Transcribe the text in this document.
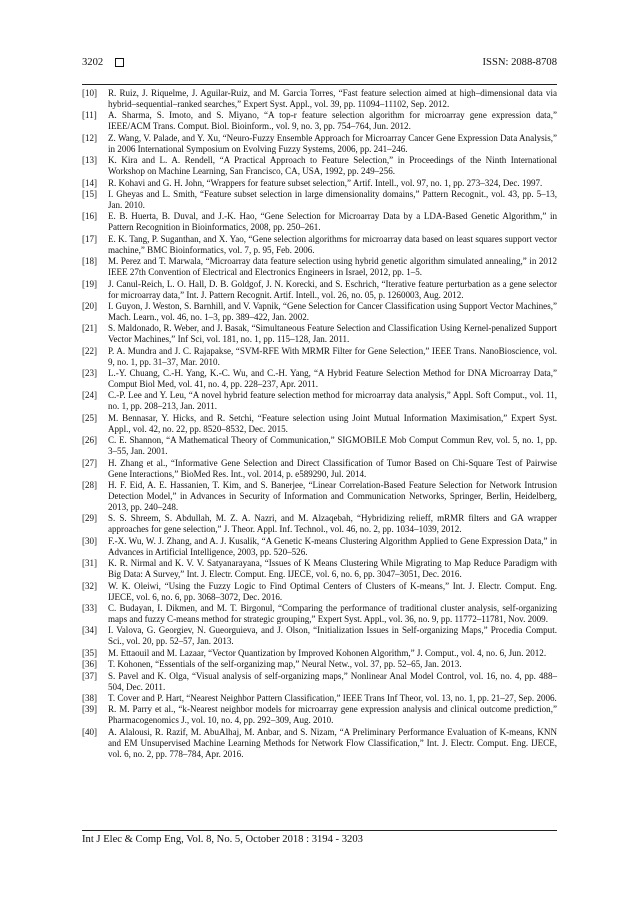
3202	ISSN: 2088-8708
[10]	R. Ruiz, J. Riquelme, J. Aguilar-Ruiz, and M. Garcia Torres, “Fast feature selection aimed at high–dimensional data via hybrid–sequential–ranked searches,” Expert Syst. Appl., vol. 39, pp. 11094–11102, Sep. 2012.
[11]	A. Sharma, S. Imoto, and S. Miyano, “A top-r feature selection algorithm for microarray gene expression data,” IEEE/ACM Trans. Comput. Biol. Bioinform., vol. 9, no. 3, pp. 754–764, Jun. 2012.
[12]	Z. Wang, V. Palade, and Y. Xu, “Neuro-Fuzzy Ensemble Approach for Microarray Cancer Gene Expression Data Analysis,” in 2006 International Symposium on Evolving Fuzzy Systems, 2006, pp. 241–246.
[13]	K. Kira and L. A. Rendell, “A Practical Approach to Feature Selection,” in Proceedings of the Ninth International Workshop on Machine Learning, San Francisco, CA, USA, 1992, pp. 249–256.
[14]	R. Kohavi and G. H. John, “Wrappers for feature subset selection,” Artif. Intell., vol. 97, no. 1, pp. 273–324, Dec. 1997.
[15]	I. Gheyas and L. Smith, “Feature subset selection in large dimensionality domains,” Pattern Recognit., vol. 43, pp. 5–13, Jan. 2010.
[16]	E. B. Huerta, B. Duval, and J.-K. Hao, “Gene Selection for Microarray Data by a LDA-Based Genetic Algorithm,” in Pattern Recognition in Bioinformatics, 2008, pp. 250–261.
[17]	E. K. Tang, P. Suganthan, and X. Yao, “Gene selection algorithms for microarray data based on least squares support vector machine,” BMC Bioinformatics, vol. 7, p. 95, Feb. 2006.
[18]	M. Perez and T. Marwala, “Microarray data feature selection using hybrid genetic algorithm simulated annealing,” in 2012 IEEE 27th Convention of Electrical and Electronics Engineers in Israel, 2012, pp. 1–5.
[19]	J. Canul-Reich, L. O. Hall, D. B. Goldgof, J. N. Korecki, and S. Eschrich, “Iterative feature perturbation as a gene selector for microarray data,” Int. J. Pattern Recognit. Artif. Intell., vol. 26, no. 05, p. 1260003, Aug. 2012.
[20]	I. Guyon, J. Weston, S. Barnhill, and V. Vapnik, “Gene Selection for Cancer Classification using Support Vector Machines,” Mach. Learn., vol. 46, no. 1–3, pp. 389–422, Jan. 2002.
[21]	S. Maldonado, R. Weber, and J. Basak, “Simultaneous Feature Selection and Classification Using Kernel-penalized Support Vector Machines,” Inf Sci, vol. 181, no. 1, pp. 115–128, Jan. 2011.
[22]	P. A. Mundra and J. C. Rajapakse, “SVM-RFE With MRMR Filter for Gene Selection,” IEEE Trans. NanoBioscience, vol. 9, no. 1, pp. 31–37, Mar. 2010.
[23]	L.-Y. Chuang, C.-H. Yang, K.-C. Wu, and C.-H. Yang, “A Hybrid Feature Selection Method for DNA Microarray Data,” Comput Biol Med, vol. 41, no. 4, pp. 228–237, Apr. 2011.
[24]	C.-P. Lee and Y. Leu, “A novel hybrid feature selection method for microarray data analysis,” Appl. Soft Comput., vol. 11, no. 1, pp. 208–213, Jan. 2011.
[25]	M. Bennasar, Y. Hicks, and R. Setchi, “Feature selection using Joint Mutual Information Maximisation,” Expert Syst. Appl., vol. 42, no. 22, pp. 8520–8532, Dec. 2015.
[26]	C. E. Shannon, “A Mathematical Theory of Communication,” SIGMOBILE Mob Comput Commun Rev, vol. 5, no. 1, pp. 3–55, Jan. 2001.
[27]	H. Zhang et al., “Informative Gene Selection and Direct Classification of Tumor Based on Chi-Square Test of Pairwise Gene Interactions,” BioMed Res. Int., vol. 2014, p. e589290, Jul. 2014.
[28]	H. F. Eid, A. E. Hassanien, T. Kim, and S. Banerjee, “Linear Correlation-Based Feature Selection for Network Intrusion Detection Model,” in Advances in Security of Information and Communication Networks, Springer, Berlin, Heidelberg, 2013, pp. 240–248.
[29]	S. S. Shreem, S. Abdullah, M. Z. A. Nazri, and M. Alzaqebah, “Hybridizing relieff, mRMR filters and GA wrapper approaches for gene selection,” J. Theor. Appl. Inf. Technol., vol. 46, no. 2, pp. 1034–1039, 2012.
[30]	F.-X. Wu, W. J. Zhang, and A. J. Kusalik, “A Genetic K-means Clustering Algorithm Applied to Gene Expression Data,” in Advances in Artificial Intelligence, 2003, pp. 520–526.
[31]	K. R. Nirmal and K. V. V. Satyanarayana, “Issues of K Means Clustering While Migrating to Map Reduce Paradigm with Big Data: A Survey,” Int. J. Electr. Comput. Eng. IJECE, vol. 6, no. 6, pp. 3047–3051, Dec. 2016.
[32]	W. K. Oleiwi, “Using the Fuzzy Logic to Find Optimal Centers of Clusters of K-means,” Int. J. Electr. Comput. Eng. IJECE, vol. 6, no. 6, pp. 3068–3072, Dec. 2016.
[33]	C. Budayan, I. Dikmen, and M. T. Birgonul, “Comparing the performance of traditional cluster analysis, self-organizing maps and fuzzy C-means method for strategic grouping,” Expert Syst. Appl., vol. 36, no. 9, pp. 11772–11781, Nov. 2009.
[34]	I. Valova, G. Georgiev, N. Gueorguieva, and J. Olson, “Initialization Issues in Self-organizing Maps,” Procedia Comput. Sci., vol. 20, pp. 52–57, Jan. 2013.
[35]	M. Ettaouil and M. Lazaar, “Vector Quantization by Improved Kohonen Algorithm,” J. Comput., vol. 4, no. 6, Jun. 2012.
[36]	T. Kohonen, “Essentials of the self-organizing map,” Neural Netw., vol. 37, pp. 52–65, Jan. 2013.
[37]	S. Pavel and K. Olga, “Visual analysis of self-organizing maps,” Nonlinear Anal Model Control, vol. 16, no. 4, pp. 488–504, Dec. 2011.
[38]	T. Cover and P. Hart, “Nearest Neighbor Pattern Classification,” IEEE Trans Inf Theor, vol. 13, no. 1, pp. 21–27, Sep. 2006.
[39]	R. M. Parry et al., “k-Nearest neighbor models for microarray gene expression analysis and clinical outcome prediction,” Pharmacogenomics J., vol. 10, no. 4, pp. 292–309, Aug. 2010.
[40]	A. Alalousi, R. Razif, M. AbuAlhaj, M. Anbar, and S. Nizam, “A Preliminary Performance Evaluation of K-means, KNN and EM Unsupervised Machine Learning Methods for Network Flow Classification,” Int. J. Electr. Comput. Eng. IJECE, vol. 6, no. 2, pp. 778–784, Apr. 2016.
Int J Elec & Comp Eng, Vol. 8, No. 5, October 2018 : 3194 - 3203
